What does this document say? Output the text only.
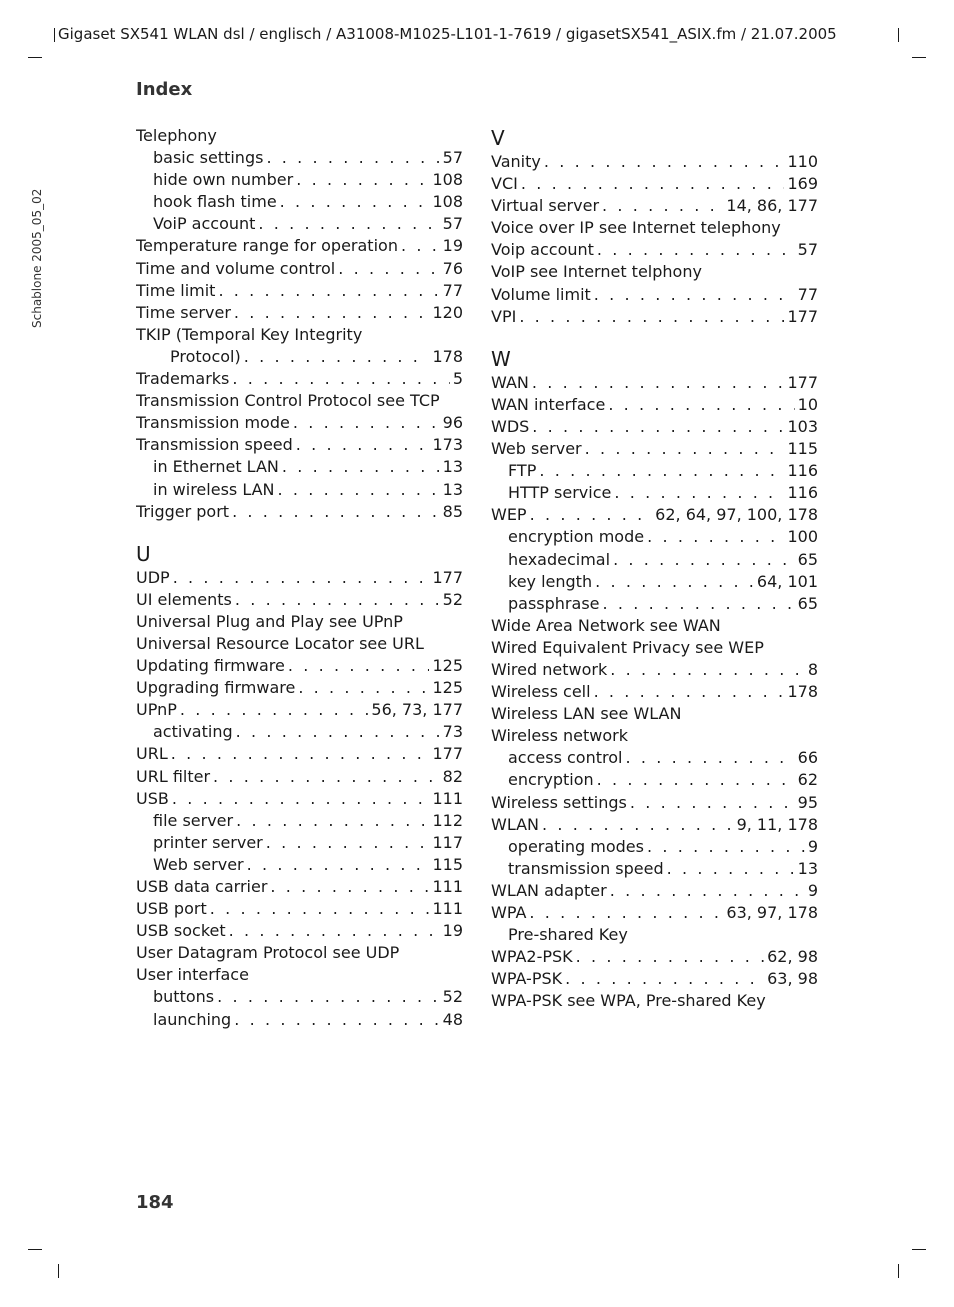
Gigaset SX541 WLAN dsl / englisch / A31008-M1025-L101-1-7619 / gigasetSX541_ASIX.fm / 21.07.2005
Schablone 2005_05_02
Index
Telephony
basic settings . . .	57
hide own number . . .	108
hook flash time . . .	108
VoiP account . . .	57
Temperature range for operation . . .	19
Time and volume control . . .	76
Time limit . . .	77
Time server . . .	120
TKIP (Temporal Key Integrity
Protocol) . . .	178
Trademarks . . .	5
Transmission Control Protocol see TCP
Transmission mode . . .	96
Transmission speed . . .	173
in Ethernet LAN . . .	13
in wireless LAN . . .	13
Trigger port . . .	85
U
UDP . . .	177
UI elements . . .	52
Universal Plug and Play see UPnP
Universal Resource Locator see URL
Updating firmware . . .	125
Upgrading firmware . . .	125
UPnP . . .	56, 73, 177
activating . . .	73
URL . . .	177
URL filter . . .	82
USB . . .	111
file server . . .	112
printer server . . .	117
Web server . . .	115
USB data carrier . . .	111
USB port . . .	111
USB socket . . .	19
User Datagram Protocol see UDP
User interface
buttons . . .	52
launching . . .	48
V
Vanity . . .	110
VCI . . .	169
Virtual server . . .	14, 86, 177
Voice over IP see Internet telephony
Voip account . . .	57
VoIP see Internet telphony
Volume limit . . .	77
VPI . . .	177
W
WAN . . .	177
WAN interface . . .	10
WDS . . .	103
Web server . . .	115
FTP . . .	116
HTTP service . . .	116
WEP . . .	62, 64, 97, 100, 178
encryption mode . . .	100
hexadecimal . . .	65
key length . . .	64, 101
passphrase . . .	65
Wide Area Network see WAN
Wired Equivalent Privacy see WEP
Wired network . . .	8
Wireless cell . . .	178
Wireless LAN see WLAN
Wireless network
access control . . .	66
encryption . . .	62
Wireless settings . . .	95
WLAN . . .	9, 11, 178
operating modes . . .	9
transmission speed . . .	13
WLAN adapter . . .	9
WPA . . .	63, 97, 178
Pre-shared Key
WPA2-PSK . . .	62, 98
WPA-PSK . . .	63, 98
WPA-PSK see WPA, Pre-shared Key
184
